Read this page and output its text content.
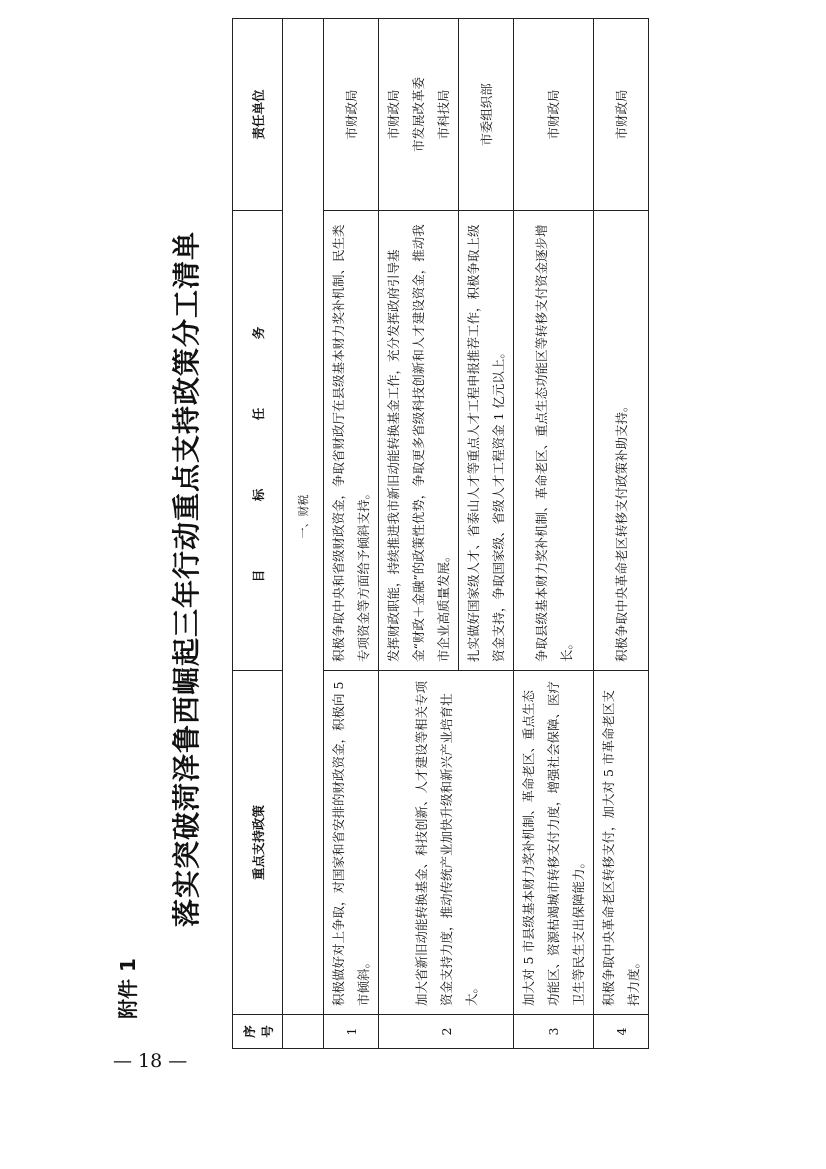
— 18 —
附件 1
落实突破菏泽鲁西崛起三年行动重点支持政策分工清单
序号	重点支持政策	目　标　任　务	责任单位
	一、财税		
1	积极做好对上争取，对国家和省安排的财政资金，积极向 5 市倾斜。	积极争取中央和省级财政资金，争取省财政厅在县级基本财力奖补机制、民生类专项资金等方面给予倾斜支持。	市财政局

2	加大省新旧动能转换基金、科技创新、人才建设等相关专项资金支持力度，推动传统产业加快升级和新兴产业培育壮大。	发挥财政职能，持续推进我市新旧动能转换基金工作，充分发挥政府引导基金“财政＋金融”的政策性优势，争取更多省级科技创新和人才建设资金，推动我市企业高质量发展。	市财政局 市发展改革委 市科技局

		扎实做好国家级人才、省泰山人才等重点人才工程申报推荐工作，积极争取上级资金支持，争取国家级、省级人才工程资金 1 亿元以上。	市委组织部

3	加大对 5 市县级基本财力奖补机制、革命老区、重点生态功能区、资源枯竭城市转移支付力度，增强社会保障、医疗卫生等民生支出保障能力。	争取县级基本财力奖补机制、革命老区、重点生态功能区等转移支付资金逐步增长。	市财政局

4	积极争取中央革命老区转移支付，加大对 5 市革命老区支持力度。	积极争取中央革命老区转移支付政策补助支持。	市财政局
